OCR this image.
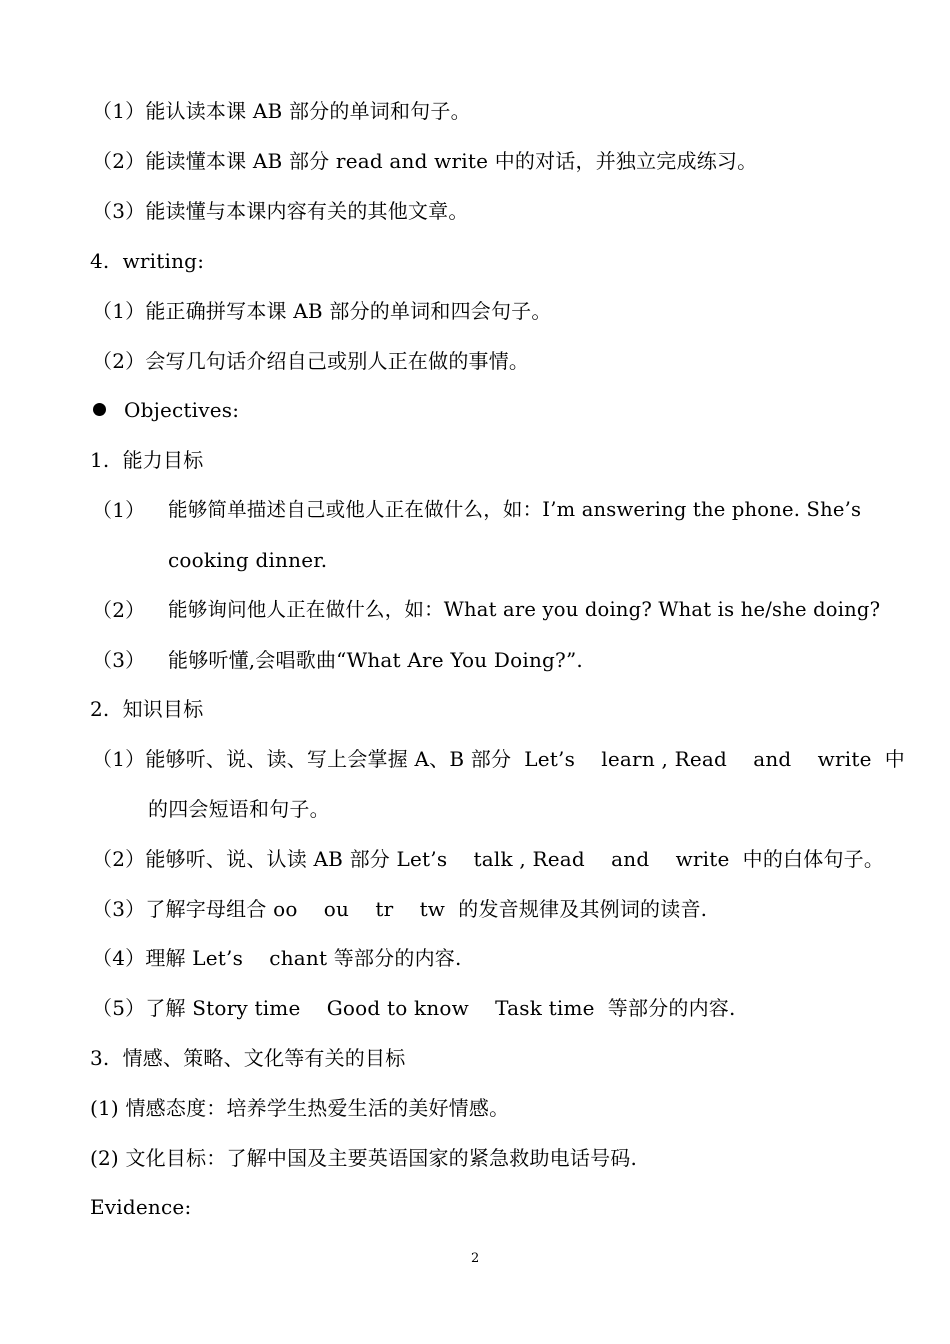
（1）能认读本课 AB 部分的单词和句子。
（2）能读懂本课 AB 部分 read and write 中的对话，并独立完成练习。
（3）能读懂与本课内容有关的其他文章。
4.  writing:
（1）能正确拼写本课 AB 部分的单词和四会句子。
（2）会写几句话介绍自己或别人正在做的事情。
Objectives:
1.  能力目标
（1） 能够简单描述自己或他人正在做什么，如：I’m answering the phone. She’s
cooking dinner.
（2） 能够询问他人正在做什么，如：What are you doing? What is he/she doing?
（3） 能够听懂,会唱歌曲“What Are You Doing?”.
2.  知识目标
（1）能够听、说、读、写上会掌握 A、B 部分  Let’s    learn , Read    and    write  中
的四会短语和句子。
（2）能够听、说、认读 AB 部分 Let’s    talk , Read    and    write  中的白体句子。
（3）了解字母组合 oo    ou    tr    tw  的发音规律及其例词的读音.
（4）理解 Let’s    chant 等部分的内容.
（5）了解 Story time    Good to know    Task time  等部分的内容.
3.  情感、策略、文化等有关的目标
(1) 情感态度：培养学生热爱生活的美好情感。
(2) 文化目标：了解中国及主要英语国家的紧急救助电话号码.
Evidence:
2
